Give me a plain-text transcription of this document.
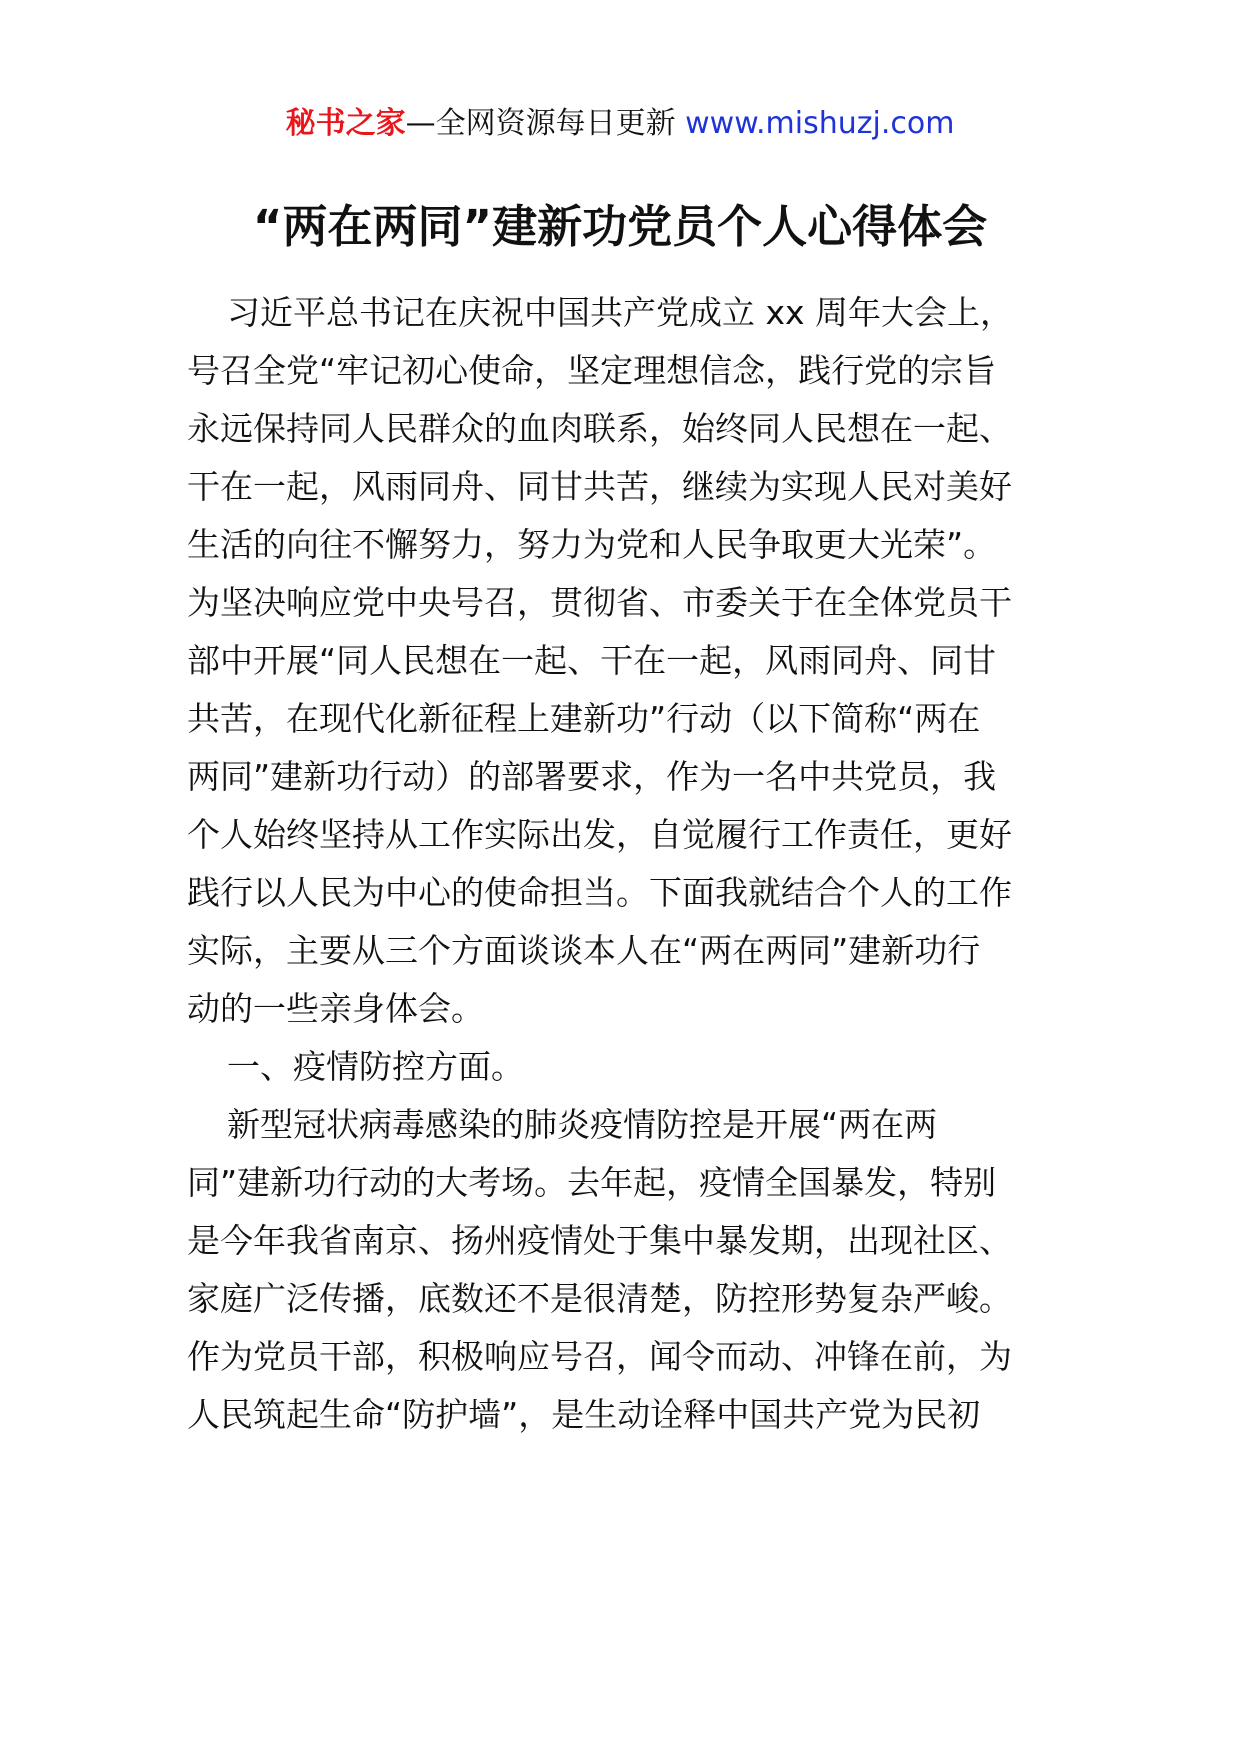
秘书之家—全网资源每日更新 www.mishuzj.com
“两在两同”建新功党员个人心得体会
习近平总书记在庆祝中国共产党成立 xx 周年大会上，
号召全党“牢记初心使命，坚定理想信念，践行党的宗旨
永远保持同人民群众的血肉联系，始终同人民想在一起、
干在一起，风雨同舟、同甘共苦，继续为实现人民对美好
生活的向往不懈努力，努力为党和人民争取更大光荣”。
为坚决响应党中央号召，贯彻省、市委关于在全体党员干
部中开展“同人民想在一起、干在一起，风雨同舟、同甘
共苦，在现代化新征程上建新功”行动（以下简称“两在
两同”建新功行动）的部署要求，作为一名中共党员，我
个人始终坚持从工作实际出发，自觉履行工作责任，更好
践行以人民为中心的使命担当。下面我就结合个人的工作
实际，主要从三个方面谈谈本人在“两在两同”建新功行
动的一些亲身体会。
一、疫情防控方面。
新型冠状病毒感染的肺炎疫情防控是开展“两在两
同”建新功行动的大考场。去年起，疫情全国暴发，特别
是今年我省南京、扬州疫情处于集中暴发期，出现社区、
家庭广泛传播，底数还不是很清楚，防控形势复杂严峻。
作为党员干部，积极响应号召，闻令而动、冲锋在前，为
人民筑起生命“防护墙”，是生动诠释中国共产党为民初
